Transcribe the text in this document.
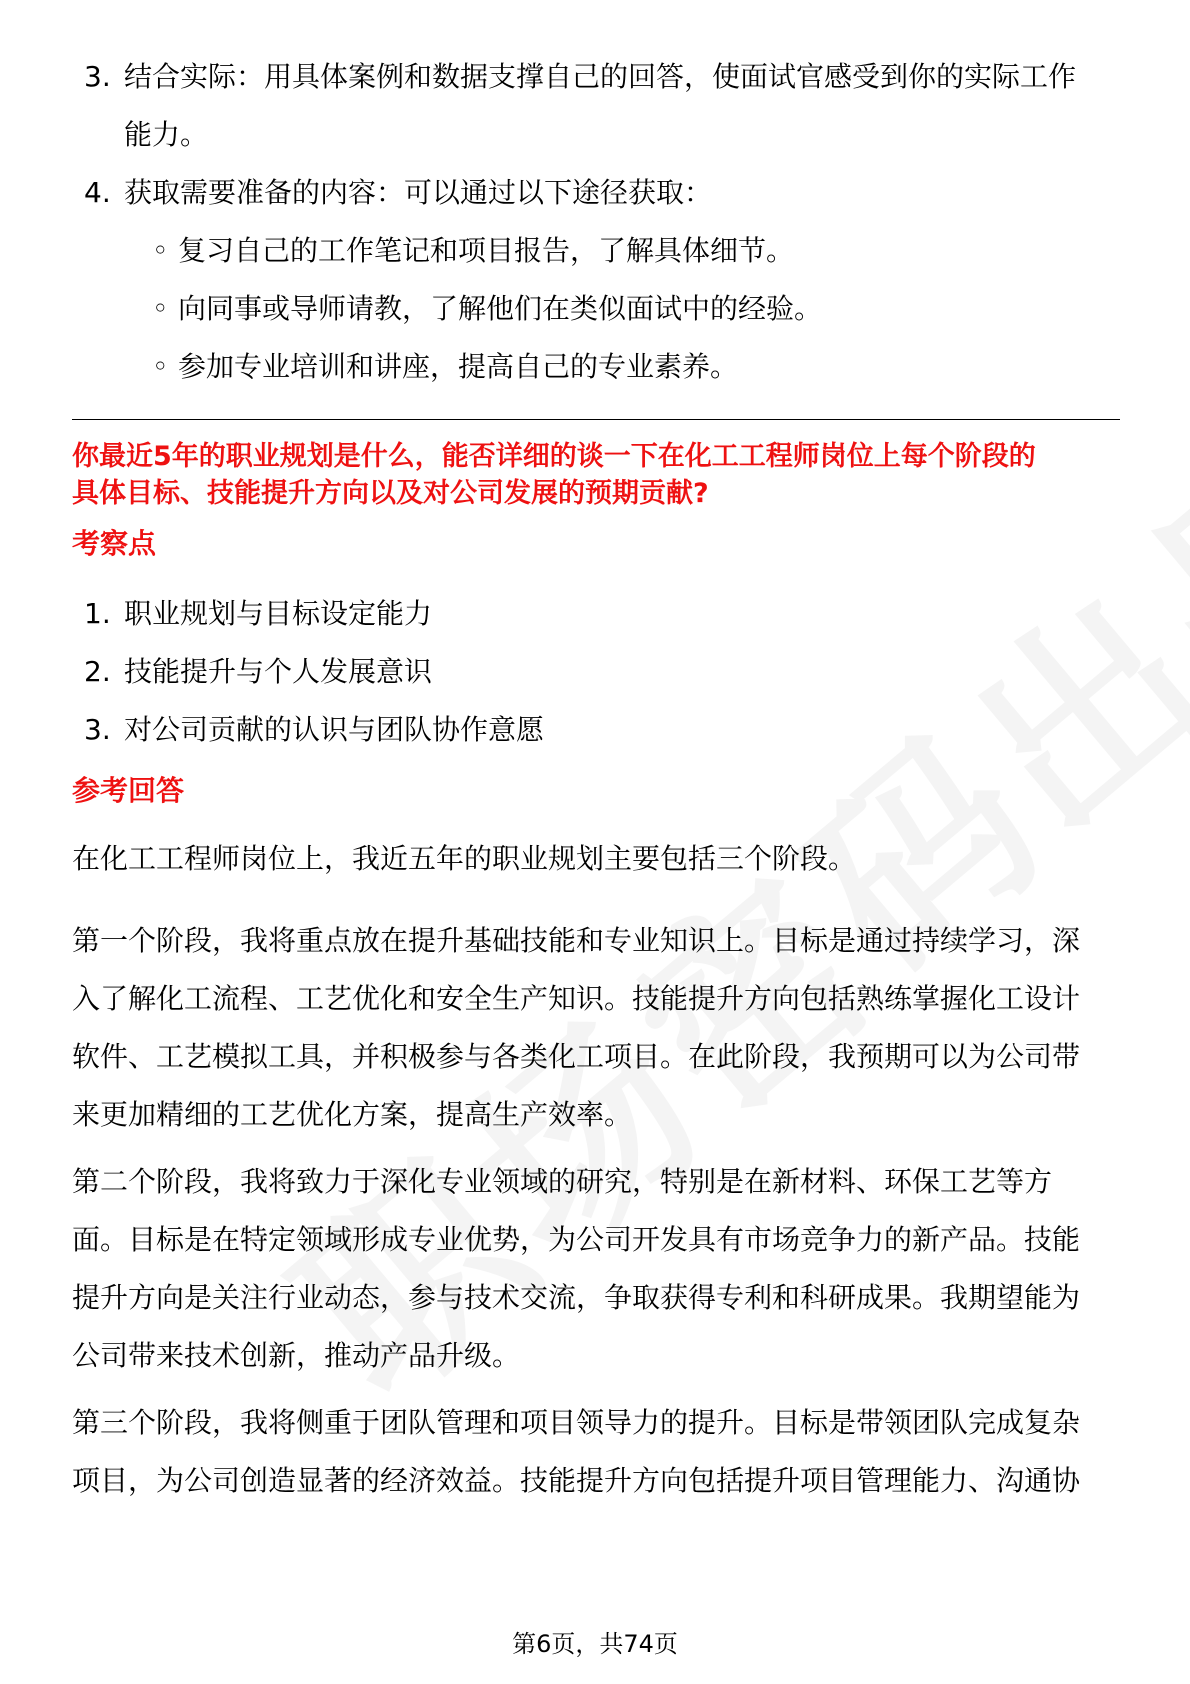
3. 结合实际：用具体案例和数据支撑自己的回答，使面试官感受到你的实际工作
能力。
4. 获取需要准备的内容：可以通过以下途径获取：
◦ 复习自己的工作笔记和项目报告，了解具体细节。
◦ 向同事或导师请教，了解他们在类似面试中的经验。
◦ 参加专业培训和讲座，提高自己的专业素养。
你最近5年的职业规划是什么，能否详细的谈一下在化工工程师岗位上每个阶段的
具体目标、技能提升方向以及对公司发展的预期贡献?
考察点
1. 职业规划与目标设定能力
2. 技能提升与个人发展意识
3. 对公司贡献的认识与团队协作意愿
参考回答
在化工工程师岗位上，我近五年的职业规划主要包括三个阶段。
第一个阶段，我将重点放在提升基础技能和专业知识上。目标是通过持续学习，深
入了解化工流程、工艺优化和安全生产知识。技能提升方向包括熟练掌握化工设计
软件、工艺模拟工具，并积极参与各类化工项目。在此阶段，我预期可以为公司带
来更加精细的工艺优化方案，提高生产效率。
第二个阶段，我将致力于深化专业领域的研究，特别是在新材料、环保工艺等方
面。目标是在特定领域形成专业优势，为公司开发具有市场竞争力的新产品。技能
提升方向是关注行业动态，参与技术交流，争取获得专利和科研成果。我期望能为
公司带来技术创新，推动产品升级。
第三个阶段，我将侧重于团队管理和项目领导力的提升。目标是带领团队完成复杂
项目，为公司创造显著的经济效益。技能提升方向包括提升项目管理能力、沟通协
第6页，共74页
